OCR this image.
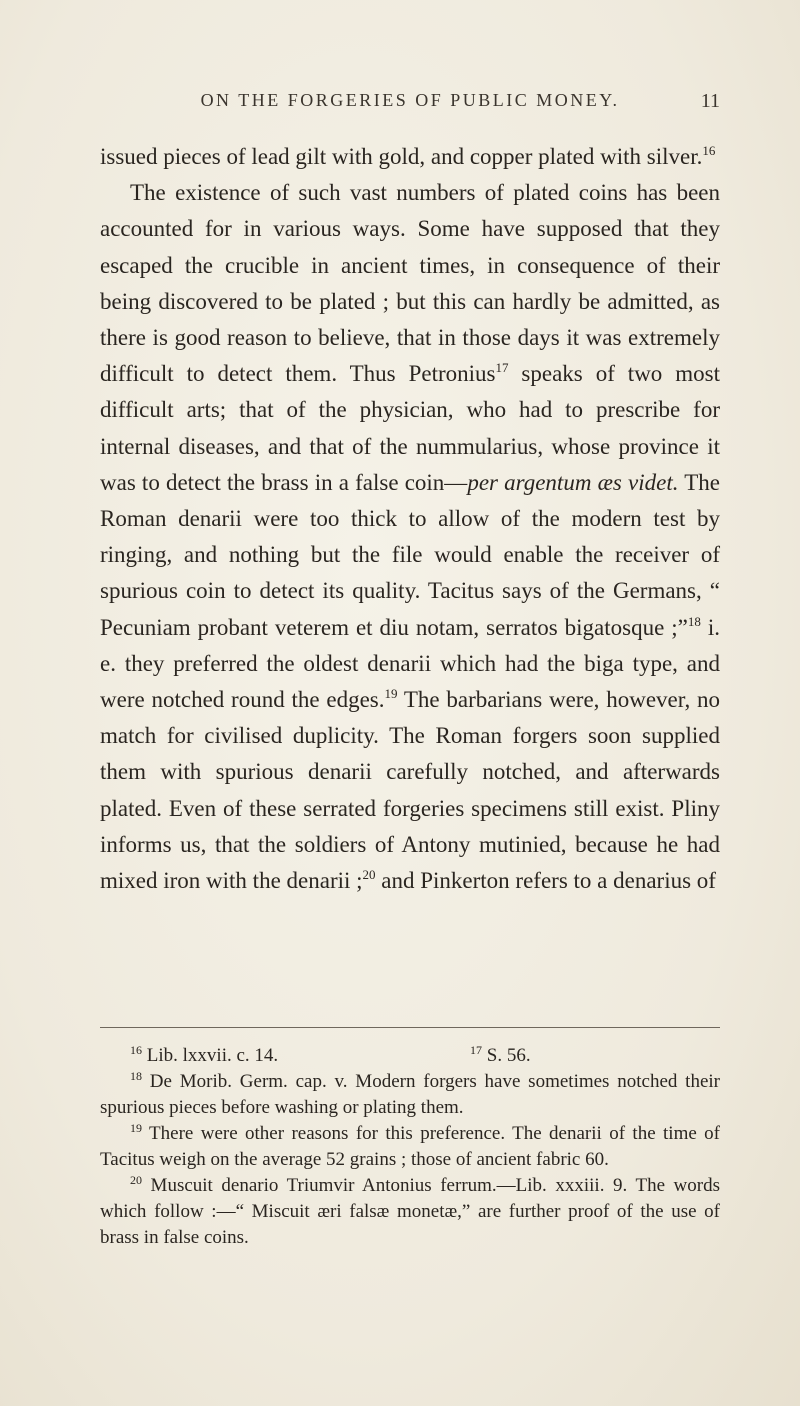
ON THE FORGERIES OF PUBLIC MONEY.	11

issued pieces of lead gilt with gold, and copper plated with silver.$^{16}$

The existence of such vast numbers of plated coins has been accounted for in various ways. Some have supposed that they escaped the crucible in ancient times, in consequence of their being discovered to be plated ; but this can hardly be admitted, as there is good reason to believe, that in those days it was extremely difficult to detect them. Thus Petronius$^{17}$ speaks of two most difficult arts; that of the physician, who had to prescribe for internal diseases, and that of the nummularius, whose province it was to detect the brass in a false coin—per argentum æs videt. The Roman denarii were too thick to allow of the modern test by ringing, and nothing but the file would enable the receiver of spurious coin to detect its quality. Tacitus says of the Germans, “ Pecuniam probant veterem et diu notam, serratos bigatosque ;”$^{18}$ i. e. they preferred the oldest denarii which had the biga type, and were notched round the edges.$^{19}$ The barbarians were, however, no match for civilised duplicity. The Roman forgers soon supplied them with spurious denarii carefully notched, and afterwards plated. Even of these serrated forgeries specimens still exist. Pliny informs us, that the soldiers of Antony mutinied, because he had mixed iron with the denarii ;$^{20}$ and Pinkerton refers to a denarius of

$^{16}$ Lib. lxxvii. c. 14.	$^{17}$ S. 56.

$^{18}$ De Morib. Germ. cap. v. Modern forgers have sometimes notched their spurious pieces before washing or plating them.

$^{19}$ There were other reasons for this preference. The denarii of the time of Tacitus weigh on the average 52 grains ; those of ancient fabric 60.

$^{20}$ Muscuit denario Triumvir Antonius ferrum.—Lib. xxxiii. 9. The words which follow :—“ Miscuit æri falsæ monetæ,” are further proof of the use of brass in false coins.
